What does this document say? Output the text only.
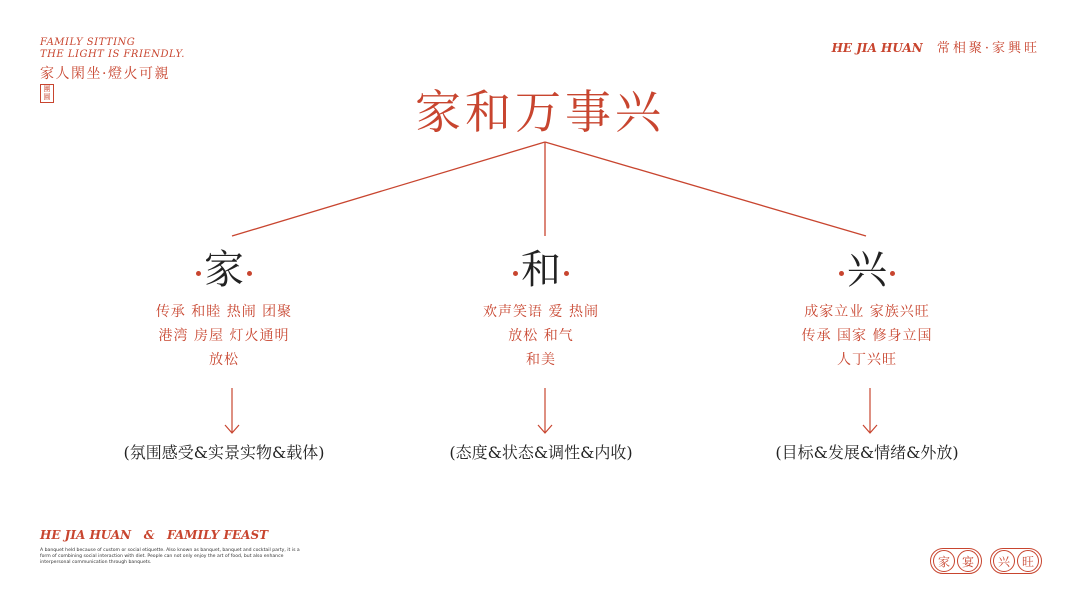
FAMILY SITTING
THE LIGHT IS FRIENDLY.
家人閑坐·燈火可親
團圓
HE JIA HUAN 常相聚·家興旺
家和万事兴
家
传承 和睦 热闹 团聚
港湾 房屋 灯火通明
放松
(氛围感受&实景实物&载体)
和
欢声笑语 爱 热闹
放松 和气
和美
(态度&状态&调性&内收)
兴
成家立业 家族兴旺
传承 国家 修身立国
人丁兴旺
(目标&发展&情绪&外放)
HE JIA HUAN   &   FAMILY FEAST
A banquet held because of custom or social etiquette. Also known as banquet, banquet and cocktail party, it is a form of combining social interaction with diet. People can not only enjoy the art of food, but also enhance interpersonal communication through banquets.	家 宴	兴 旺
